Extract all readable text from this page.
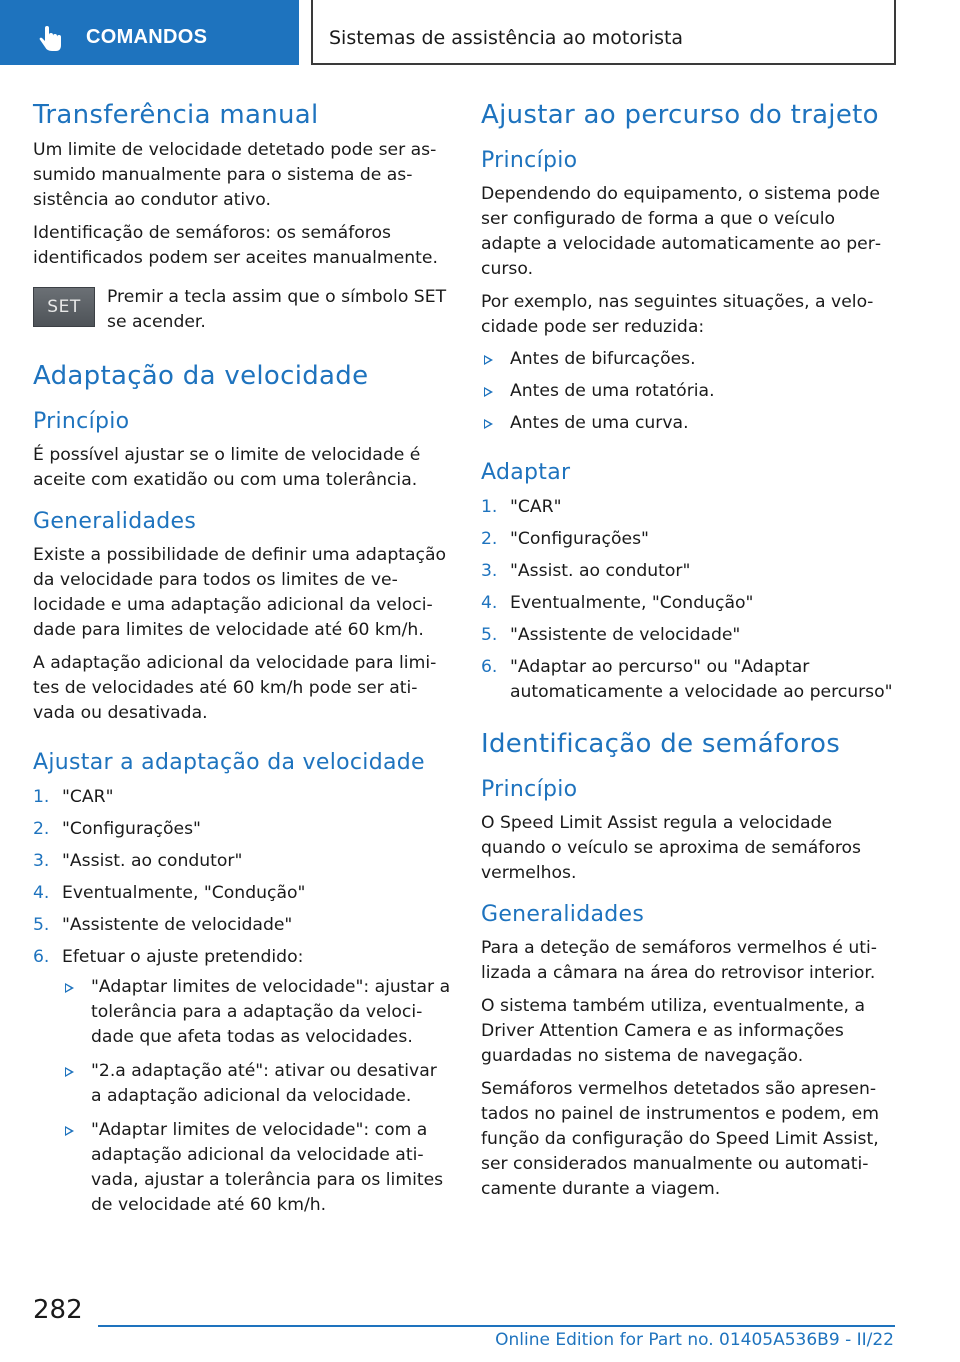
COMANDOS	Sistemas de assistência ao motorista
Transferência manual

Um limite de velocidade detetado pode ser assumido manualmente para o sistema de assistência ao condutor ativo.

Identificação de semáforos: os semáforos identificados podem ser aceites manualmente.

SET Premir a tecla assim que o símbolo SET se acender.
Adaptação da velocidade
Princípio

É possível ajustar se o limite de velocidade é aceite com exatidão ou com uma tolerância.

Generalidades

Existe a possibilidade de definir uma adaptação da velocidade para todos os limites de velocidade e uma adaptação adicional da velocidade para limites de velocidade até 60 km/h.

A adaptação adicional da velocidade para limites de velocidades até 60 km/h pode ser ativada ou desativada.

Ajustar a adaptação da velocidade
1. "CAR"
2. "Configurações"
3. "Assist. ao condutor"
4. Eventualmente, "Condução"
5. "Assistente de velocidade"
6. Efetuar o ajuste pretendido:
"Adaptar limites de velocidade": ajustar a tolerância para a adaptação da velocidade que afeta todas as velocidades.
"2.a adaptação até": ativar ou desativar a adaptação adicional da velocidade.
"Adaptar limites de velocidade": com a adaptação adicional da velocidade ativada, ajustar a tolerância para os limites de velocidade até 60 km/h.
Ajustar ao percurso do trajeto
Princípio

Dependendo do equipamento, o sistema pode ser configurado de forma a que o veículo adapte a velocidade automaticamente ao percurso.

Por exemplo, nas seguintes situações, a velocidade pode ser reduzida:

Antes de bifurcações.
Antes de uma rotatória.
Antes de uma curva.
Adaptar
1. "CAR"
2. "Configurações"
3. "Assist. ao condutor"
4. Eventualmente, "Condução"
5. "Assistente de velocidade"
6. "Adaptar ao percurso" ou "Adaptar automaticamente a velocidade ao percurso"
Identificação de semáforos
Princípio

O Speed Limit Assist regula a velocidade quando o veículo se aproxima de semáforos vermelhos.

Generalidades

Para a deteção de semáforos vermelhos é utilizada a câmara na área do retrovisor interior.

O sistema também utiliza, eventualmente, a Driver Attention Camera e as informações guardadas no sistema de navegação.

Semáforos vermelhos detetados são apresentados no painel de instrumentos e podem, em função da configuração do Speed Limit Assist, ser considerados manualmente ou automaticamente durante a viagem.

282
Online Edition for Part no. 01405A536B9 - II/22
